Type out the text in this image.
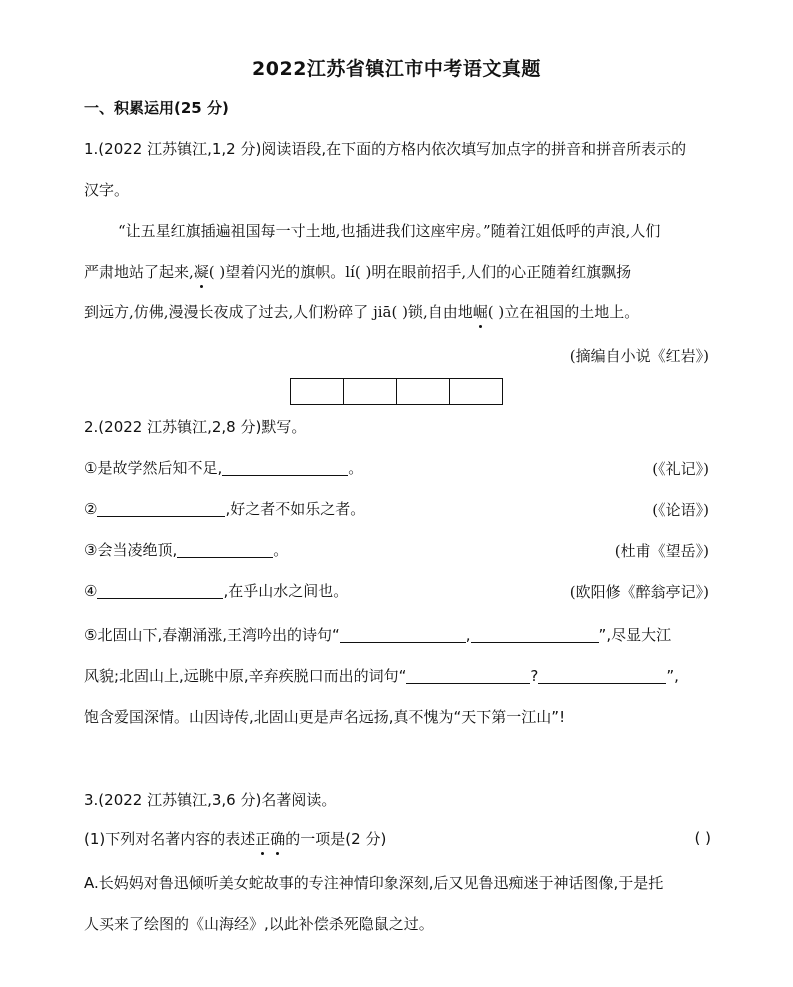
2022江苏省镇江市中考语文真题
一、积累运用(25 分)
1.(2022 江苏镇江,1,2 分)阅读语段,在下面的方格内依次填写加点字的拼音和拼音所表示的
汉字。
“让五星红旗插遍祖国每一寸土地,也插进我们这座牢房。”随着江姐低呼的声浪,人们
严肃地站了起来,凝( )望着闪光的旗帜。lí( )明在眼前招手,人们的心正随着红旗飘扬
到远方,仿佛,漫漫长夜成了过去,人们粉碎了 jiā( )锁,自由地崛( )立在祖国的土地上。
(摘编自小说《红岩》)
2.(2022 江苏镇江,2,8 分)默写。
①是故学然后知不足,	。	(《礼记》)
②	,好之者不如乐之者。	(《论语》)
③会当凌绝顶,	。	(杜甫《望岳》)
④	,在乎山水之间也。	(欧阳修《醉翁亭记》)
⑤北固山下,春潮涌涨,王湾吟出的诗句“	,	”,尽显大江
风貌;北固山上,远眺中原,辛弃疾脱口而出的词句“	?	”,
饱含爱国深情。山因诗传,北固山更是声名远扬,真不愧为“天下第一江山”!
3.(2022 江苏镇江,3,6 分)名著阅读。
(1)下列对名著内容的表述正确的一项是(2 分)	( )
A.长妈妈对鲁迅倾听美女蛇故事的专注神情印象深刻,后又见鲁迅痴迷于神话图像,于是托
人买来了绘图的《山海经》,以此补偿杀死隐鼠之过。
